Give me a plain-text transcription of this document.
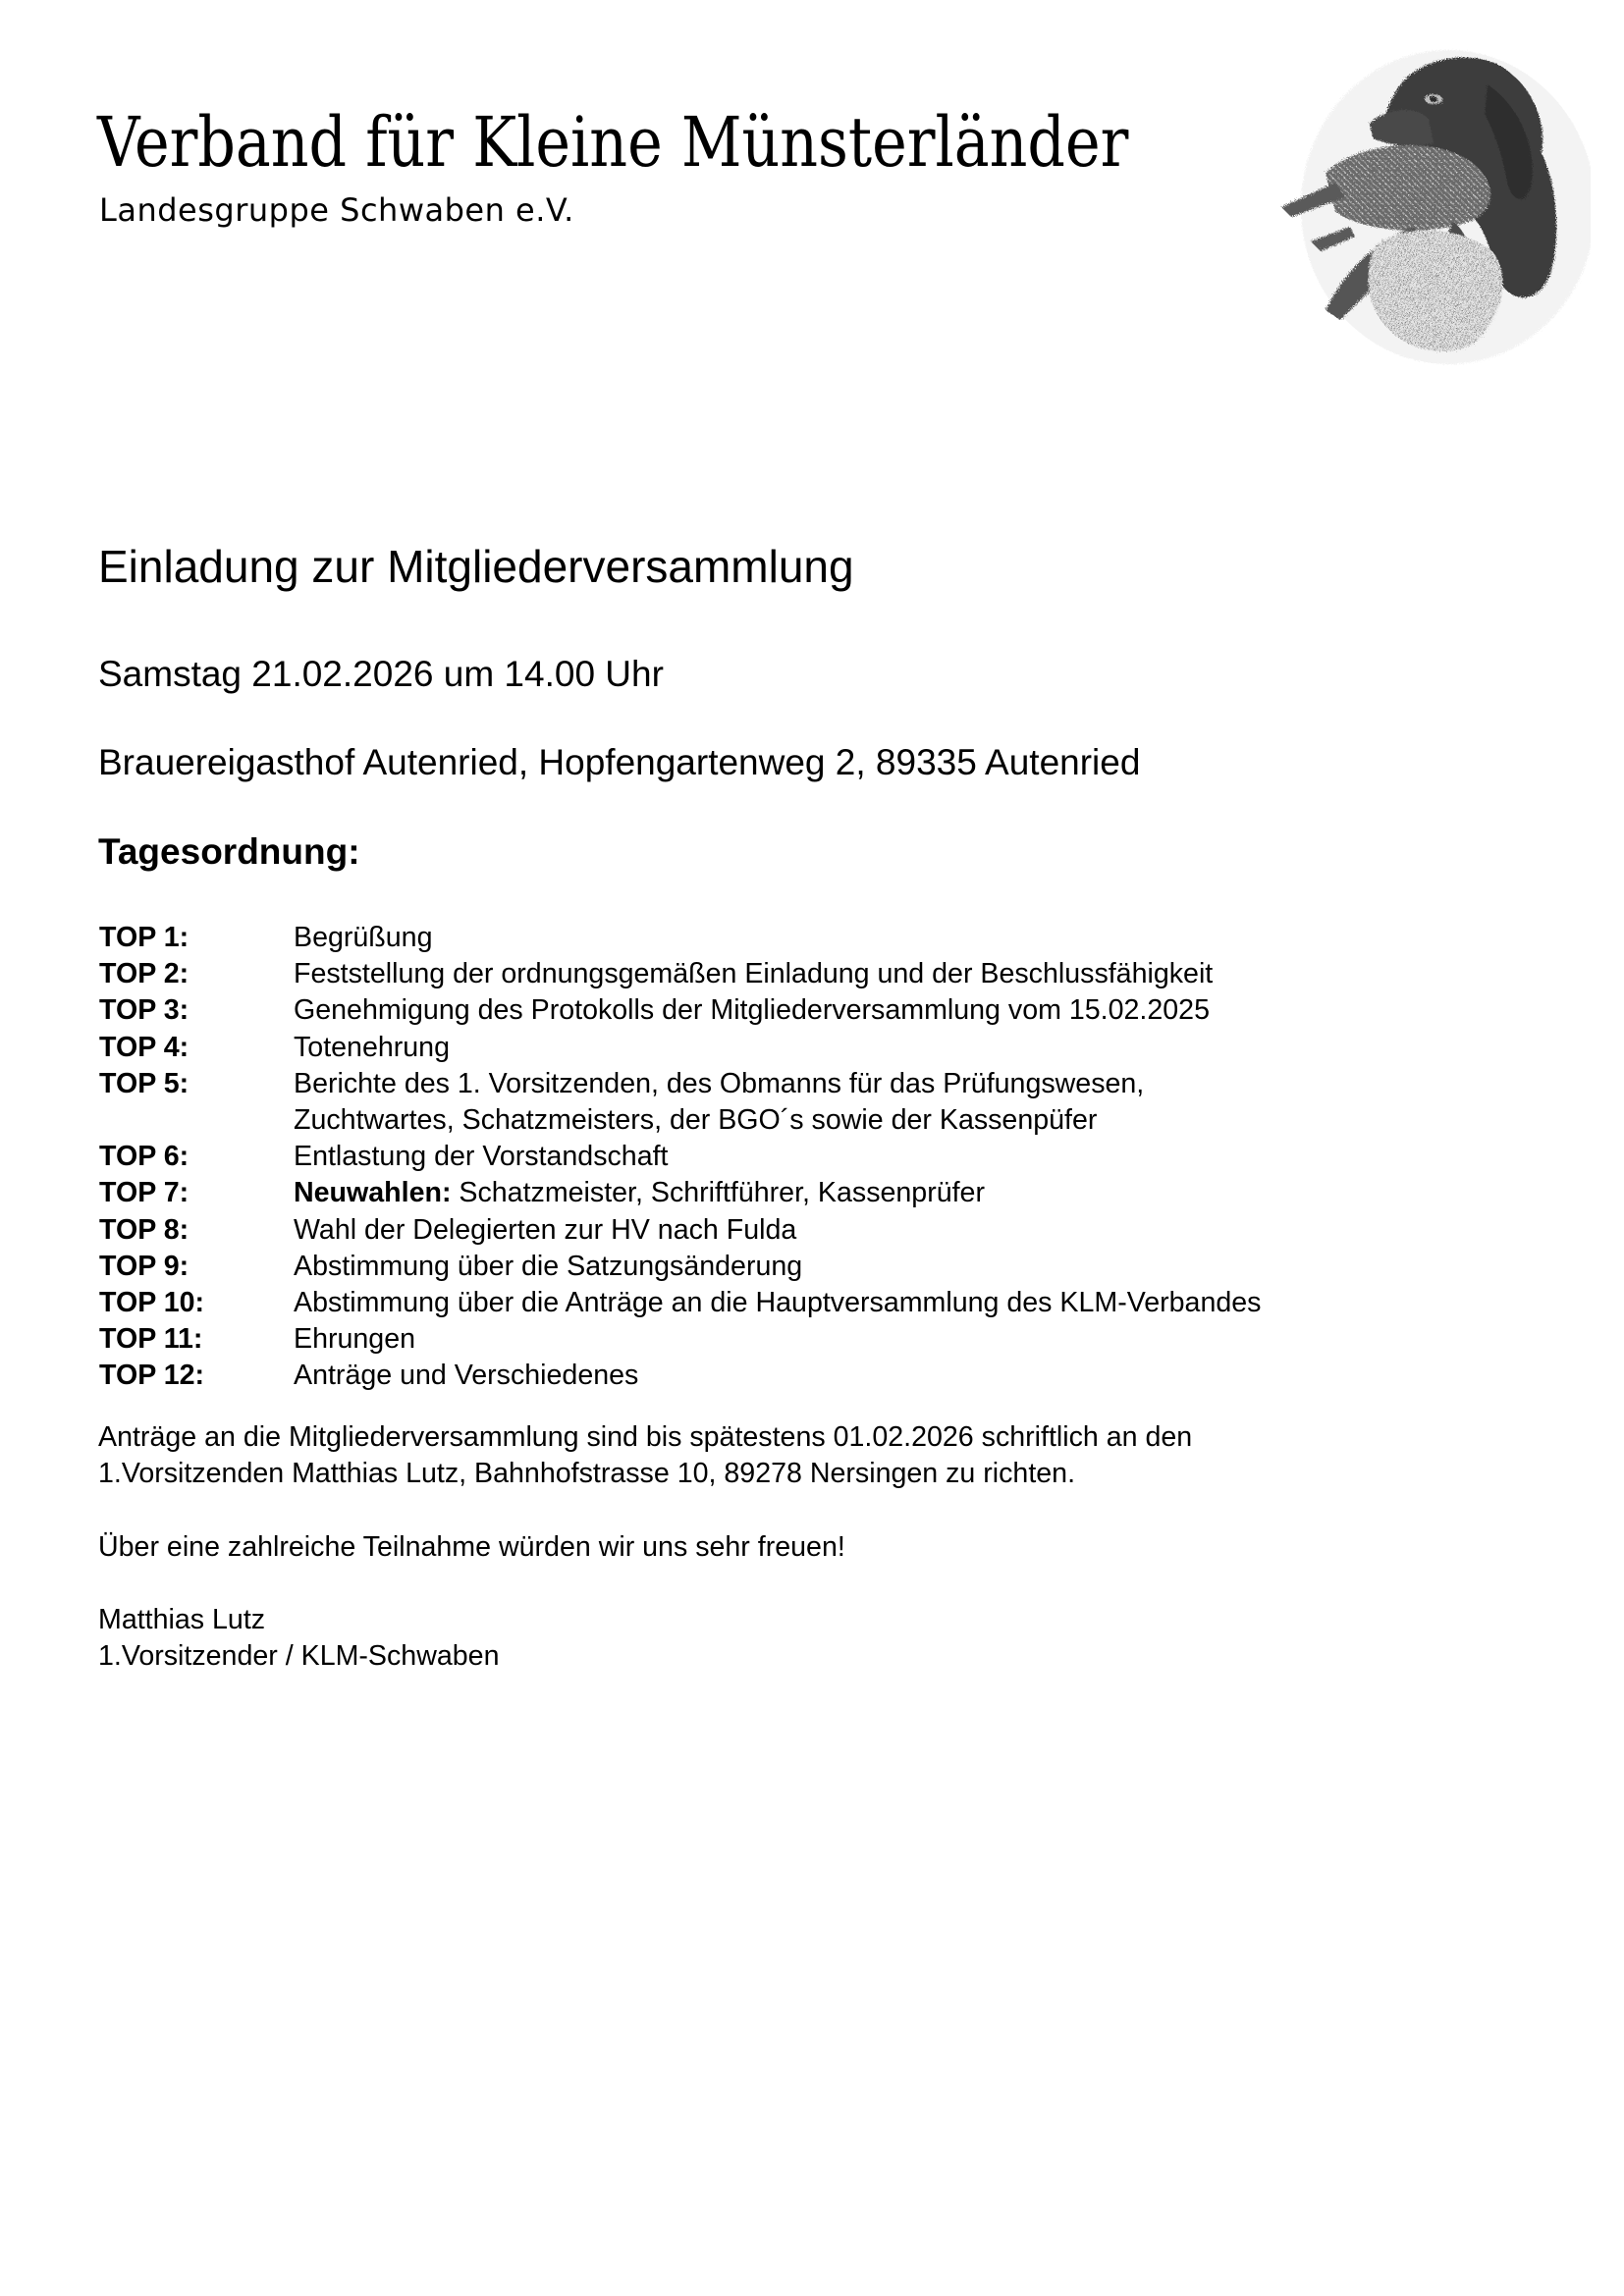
Verband für Kleine Münsterländer
Landesgruppe Schwaben e.V.
Einladung zur Mitgliederversammlung
Samstag 21.02.2026 um 14.00 Uhr
Brauereigasthof Autenried, Hopfengartenweg 2, 89335 Autenried
Tagesordnung:
TOP 1:	Begrüßung
TOP 2:	Feststellung der ordnungsgemäßen Einladung und der Beschlussfähigkeit
TOP 3:	Genehmigung des Protokolls der Mitgliederversammlung vom 15.02.2025
TOP 4:	Totenehrung
TOP 5:	Berichte des 1. Vorsitzenden, des Obmanns für das Prüfungswesen,
Zuchtwartes, Schatzmeisters, der BGO´s sowie der Kassenpüfer
TOP 6:	Entlastung der Vorstandschaft
TOP 7:	Neuwahlen: Schatzmeister, Schriftführer, Kassenprüfer
TOP 8:	Wahl der Delegierten zur HV nach Fulda
TOP 9:	Abstimmung über die Satzungsänderung
TOP 10:	Abstimmung über die Anträge an die Hauptversammlung des KLM-Verbandes
TOP 11:	Ehrungen
TOP 12:	Anträge und Verschiedenes
Anträge an die Mitgliederversammlung sind bis spätestens 01.02.2026 schriftlich an den
1.Vorsitzenden Matthias Lutz, Bahnhofstrasse 10, 89278 Nersingen zu richten.
Über eine zahlreiche Teilnahme würden wir uns sehr freuen!
Matthias Lutz
1.Vorsitzender / KLM-Schwaben
